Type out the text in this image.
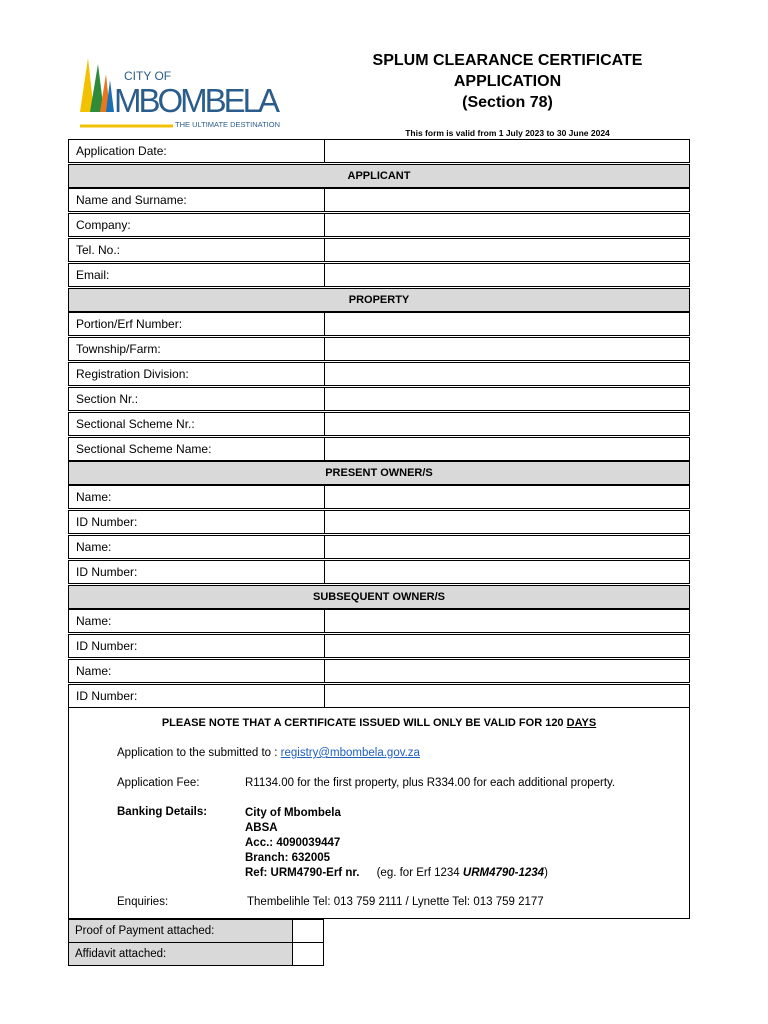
CITY OF
MBOMBELA
THE ULTIMATE DESTINATION
SPLUM CLEARANCE CERTIFICATE
APPLICATION
(Section 78)
This form is valid from 1 July 2023 to 30 June 2024
Application Date:
APPLICANT
Name and Surname:
Company:
Tel. No.:
Email:
PROPERTY
Portion/Erf Number:
Township/Farm:
Registration Division:
Section Nr.:
Sectional Scheme Nr.:
Sectional Scheme Name:
PRESENT OWNER/S
Name:
ID Number:
Name:
ID Number:
SUBSEQUENT OWNER/S
Name:
ID Number:
Name:
ID Number:
PLEASE NOTE THAT A CERTIFICATE ISSUED WILL ONLY BE VALID FOR 120 DAYS
Application to the submitted to : registry@mbombela.gov.za
Application Fee:	R1134.00 for the first property, plus R334.00 for each additional property.
Banking Details:	City of Mbombela
ABSA
Acc.: 4090039447
Branch: 632005
Ref: URM4790-Erf nr. (eg. for Erf 1234 URM4790-1234)
Enquiries:	Thembelihle Tel: 013 759 2111 / Lynette Tel: 013 759 2177
Proof of Payment attached:
Affidavit attached:
